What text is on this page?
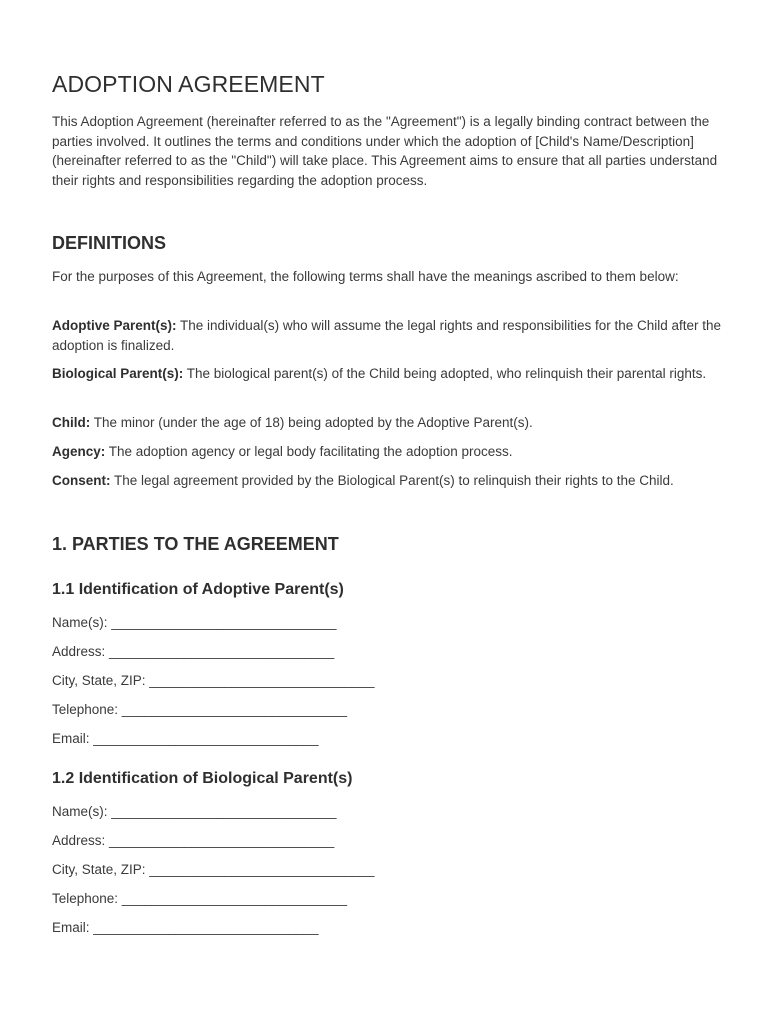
ADOPTION AGREEMENT

This Adoption Agreement (hereinafter referred to as the "Agreement") is a legally binding contract between the parties involved. It outlines the terms and conditions under which the adoption of [Child's Name/Description] (hereinafter referred to as the "Child") will take place. This Agreement aims to ensure that all parties understand their rights and responsibilities regarding the adoption process.

DEFINITIONS

For the purposes of this Agreement, the following terms shall have the meanings ascribed to them below:

Adoptive Parent(s): The individual(s) who will assume the legal rights and responsibilities for the Child after the adoption is finalized.

Biological Parent(s): The biological parent(s) of the Child being adopted, who relinquish their parental rights.

Child: The minor (under the age of 18) being adopted by the Adoptive Parent(s).

Agency: The adoption agency or legal body facilitating the adoption process.

Consent: The legal agreement provided by the Biological Parent(s) to relinquish their rights to the Child.

1. PARTIES TO THE AGREEMENT
1.1 Identification of Adoptive Parent(s)
Name(s): ______________________________
Address: ______________________________
City, State, ZIP: ______________________________
Telephone: ______________________________
Email: ______________________________
1.2 Identification of Biological Parent(s)
Name(s): ______________________________
Address: ______________________________
City, State, ZIP: ______________________________
Telephone: ______________________________
Email: ______________________________
